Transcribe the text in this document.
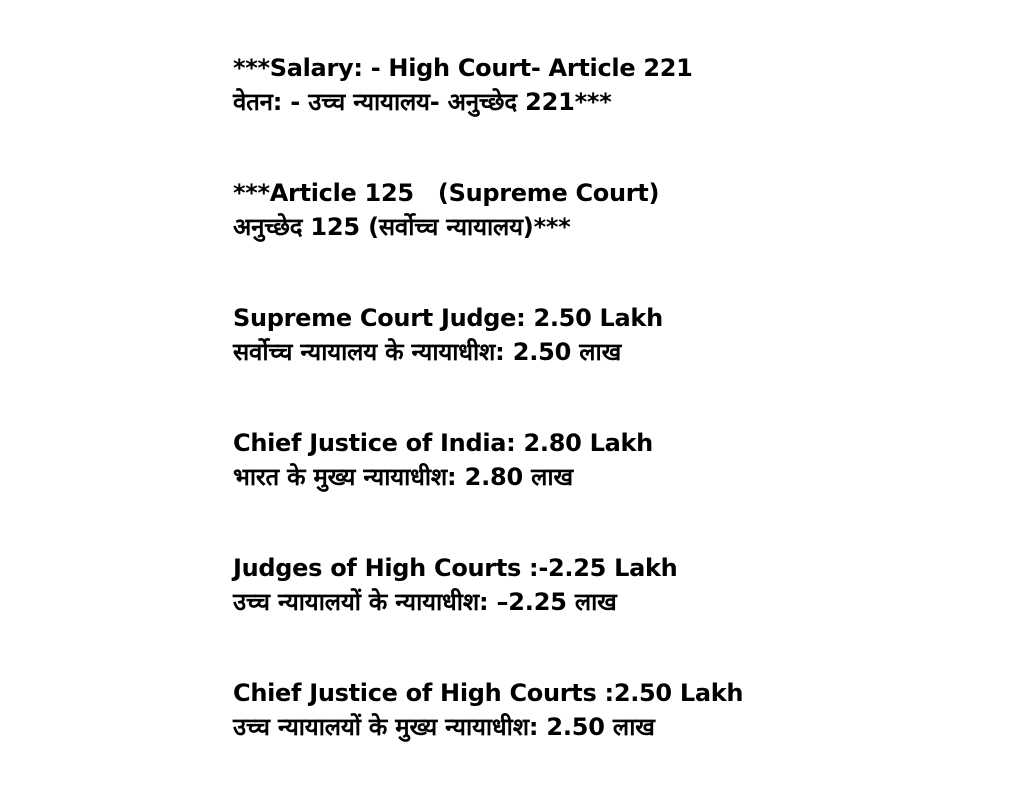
***Salary: - High Court- Article 221
वेतन: - उच्च न्यायालय- अनुच्छेद 221***
***Article 125   (Supreme Court)
अनुच्छेद 125 (सर्वोच्च न्यायालय)***
Supreme Court Judge: 2.50 Lakh
सर्वोच्च न्यायालय के न्यायाधीश: 2.50 लाख
Chief Justice of India: 2.80 Lakh
भारत के मुख्य न्यायाधीश: 2.80 लाख
Judges of High Courts :-2.25 Lakh
उच्च न्यायालयों के न्यायाधीश: –2.25 लाख
Chief Justice of High Courts :2.50 Lakh
उच्च न्यायालयों के मुख्य न्यायाधीश: 2.50 लाख
